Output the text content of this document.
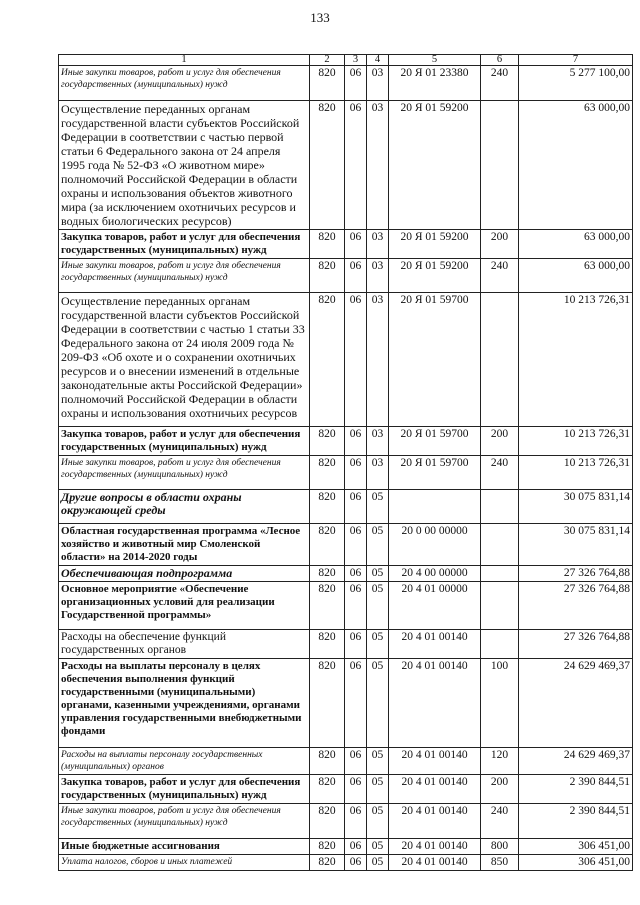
133
1	2	3	4	5	6	7
Иные закупки товаров, работ и услуг для обеспечения государственных (муниципальных) нужд	820	06	03	20 Я 01 23380	240	5 277 100,00
Осуществление переданных органам государственной власти субъектов Российской Федерации в соответствии с частью первой статьи 6 Федерального закона от 24 апреля 1995 года № 52-ФЗ «О животном мире» полномочий Российской Федерации в области охраны и использования объектов животного мира (за исключением охотничьих ресурсов и водных биологических ресурсов)	820	06	03	20 Я 01 59200		63 000,00
Закупка товаров, работ и услуг для обеспечения государственных (муниципальных) нужд	820	06	03	20 Я 01 59200	200	63 000,00
Иные закупки товаров, работ и услуг для обеспечения государственных (муниципальных) нужд	820	06	03	20 Я 01 59200	240	63 000,00
Осуществление переданных органам государственной власти субъектов Российской Федерации в соответствии с частью 1 статьи 33 Федерального закона от 24 июля 2009 года № 209-ФЗ «Об охоте и о сохранении охотничьих ресурсов и о внесении изменений в отдельные законодательные акты Российской Федерации» полномочий Российской Федерации в области охраны и использования охотничьих ресурсов	820	06	03	20 Я 01 59700		10 213 726,31
Закупка товаров, работ и услуг для обеспечения государственных (муниципальных) нужд	820	06	03	20 Я 01 59700	200	10 213 726,31
Иные закупки товаров, работ и услуг для обеспечения государственных (муниципальных) нужд	820	06	03	20 Я 01 59700	240	10 213 726,31
Другие вопросы в области охраны окружающей среды	820	06	05			30 075 831,14
Областная государственная программа «Лесное хозяйство и животный мир Смоленской области» на 2014-2020 годы	820	06	05	20 0 00 00000		30 075 831,14
Обеспечивающая подпрограмма	820	06	05	20 4 00 00000		27 326 764,88
Основное мероприятие «Обеспечение организационных условий для реализации Государственной программы»	820	06	05	20 4 01 00000		27 326 764,88
Расходы на обеспечение функций государственных органов	820	06	05	20 4 01 00140		27 326 764,88
Расходы на выплаты персоналу в целях обеспечения выполнения функций государственными (муниципальными) органами, казенными учреждениями, органами управления государственными внебюджетными фондами	820	06	05	20 4 01 00140	100	24 629 469,37
Расходы на выплаты персоналу государственных (муниципальных) органов	820	06	05	20 4 01 00140	120	24 629 469,37
Закупка товаров, работ и услуг для обеспечения государственных (муниципальных) нужд	820	06	05	20 4 01 00140	200	2 390 844,51
Иные закупки товаров, работ и услуг для обеспечения государственных (муниципальных) нужд	820	06	05	20 4 01 00140	240	2 390 844,51
Иные бюджетные ассигнования	820	06	05	20 4 01 00140	800	306 451,00
Уплата налогов, сборов и иных платежей	820	06	05	20 4 01 00140	850	306 451,00
